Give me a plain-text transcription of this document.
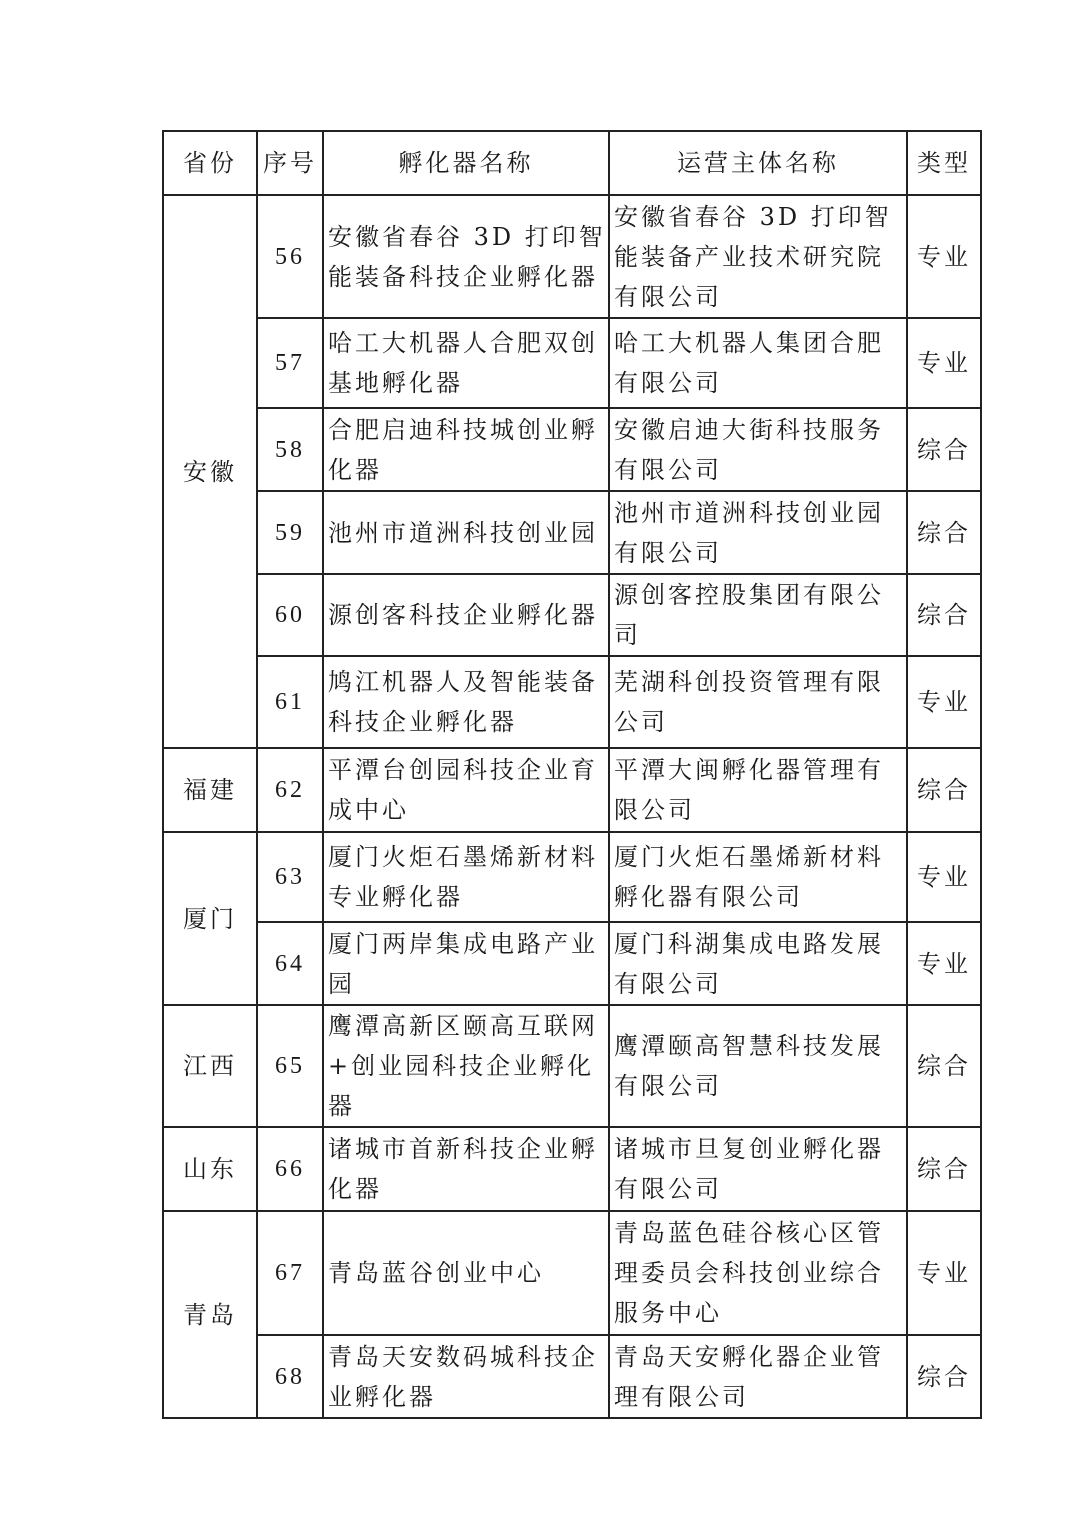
省份	序号	孵化器名称	运营主体名称	类型
安徽	56	安徽省春谷 3D 打印智能装备科技企业孵化器	安徽省春谷 3D 打印智能装备产业技术研究院有限公司	专业
	57	哈工大机器人合肥双创基地孵化器	哈工大机器人集团合肥有限公司	专业
	58	合肥启迪科技城创业孵化器	安徽启迪大街科技服务有限公司	综合
	59	池州市道洲科技创业园	池州市道洲科技创业园有限公司	综合
	60	源创客科技企业孵化器	源创客控股集团有限公司	综合
	61	鸠江机器人及智能装备科技企业孵化器	芜湖科创投资管理有限公司	专业
福建	62	平潭台创园科技企业育成中心	平潭大闽孵化器管理有限公司	综合
厦门	63	厦门火炬石墨烯新材料专业孵化器	厦门火炬石墨烯新材料孵化器有限公司	专业
	64	厦门两岸集成电路产业园	厦门科湖集成电路发展有限公司	专业
江西	65	鹰潭高新区颐高互联网+创业园科技企业孵化器	鹰潭颐高智慧科技发展有限公司	综合
山东	66	诸城市首新科技企业孵化器	诸城市旦复创业孵化器有限公司	综合
青岛	67	青岛蓝谷创业中心	青岛蓝色硅谷核心区管理委员会科技创业综合服务中心	专业
	68	青岛天安数码城科技企业孵化器	青岛天安孵化器企业管理有限公司	综合
